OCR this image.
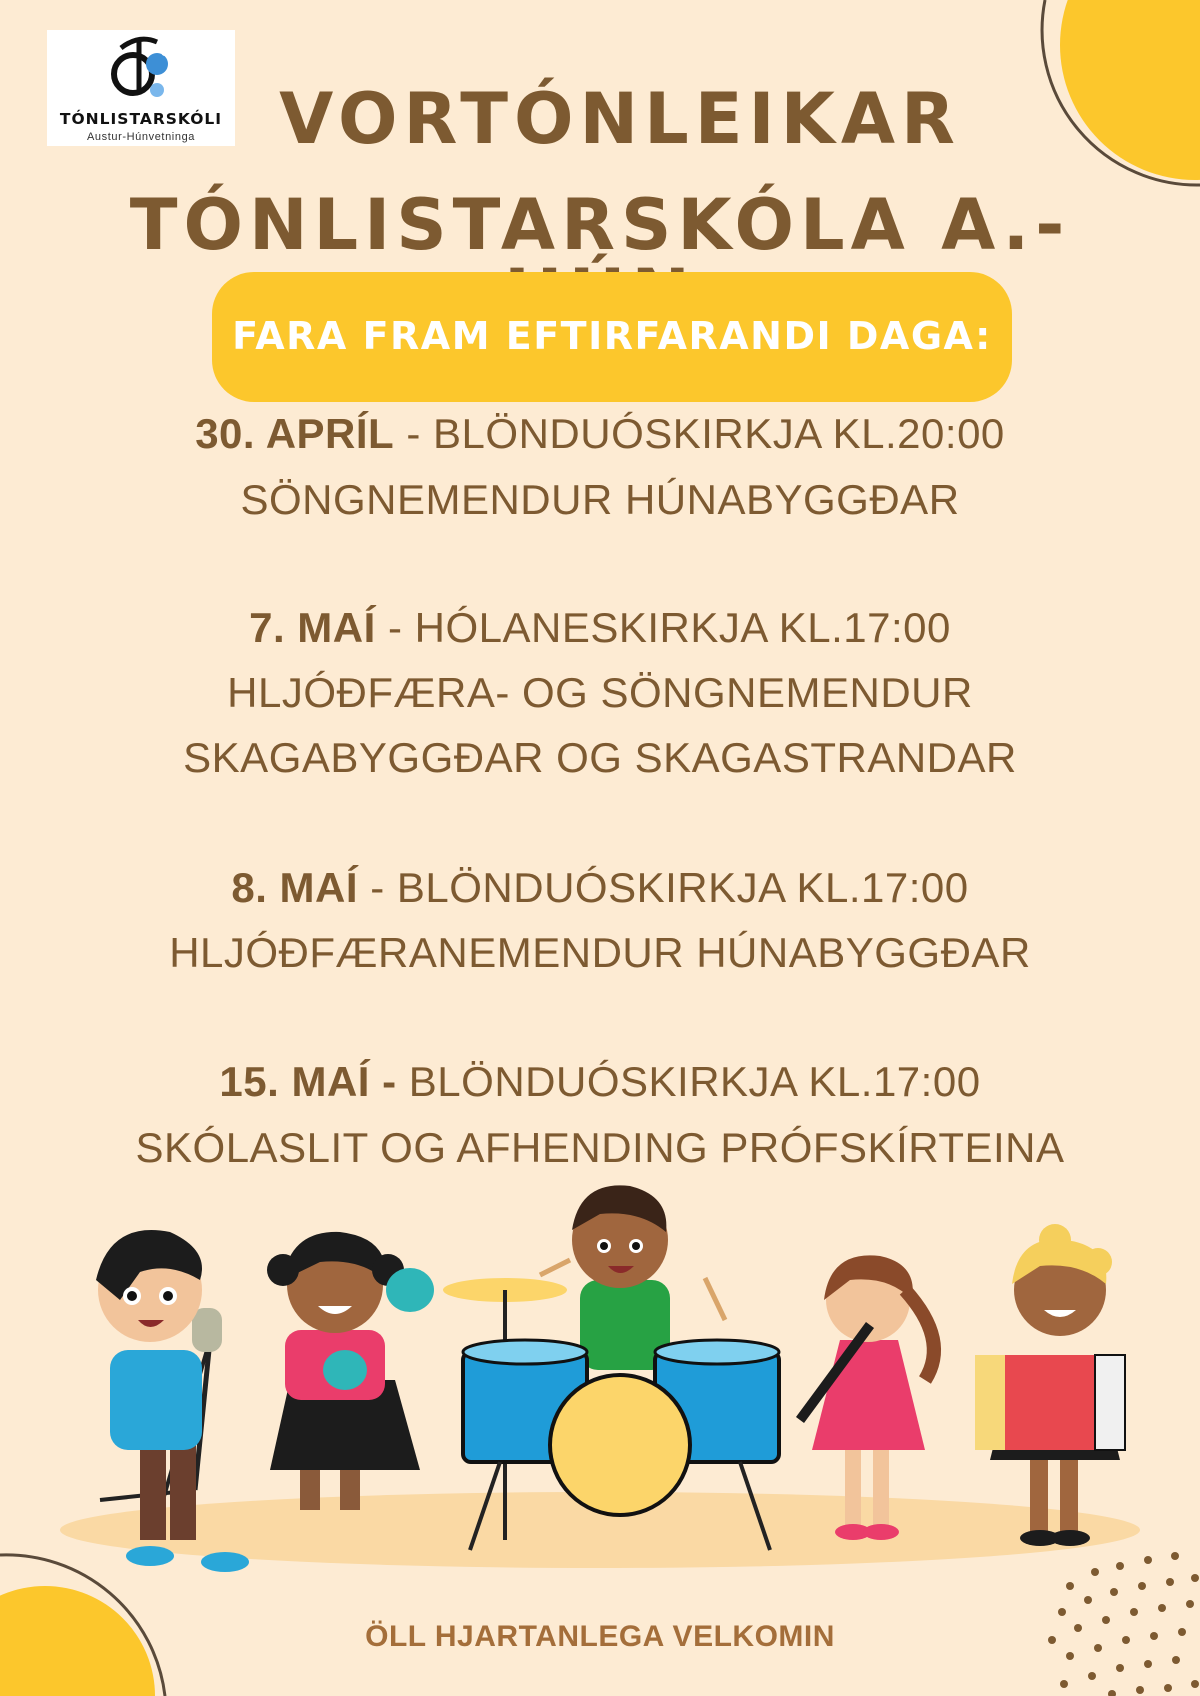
TÓNLISTARSKÓLI
Austur-Húnvetninga	VORTÓNLEIKAR
TÓNLISTARSKÓLA A.-
FARA FRAM EFTIRFARANDI DAGA:
30. APRÍL - BLÖNDUÓSKIRKJA KL.20:00
SÖNGNEMENDUR HÚNABYGGÐAR
7. MAÍ - HÓLANESKIRKJA KL.17:00
HLJÓÐFÆRA- OG SÖNGNEMENDUR
SKAGABYGGÐAR OG SKAGASTRANDAR
8. MAÍ - BLÖNDUÓSKIRKJA KL.17:00
HLJÓÐFÆRANEMENDUR HÚNABYGGÐAR
15. MAÍ - BLÖNDUÓSKIRKJA KL.17:00
SKÓLASLIT OG AFHENDING PRÓFSKÍRTEINA
ÖLL HJARTANLEGA VELKOMIN
